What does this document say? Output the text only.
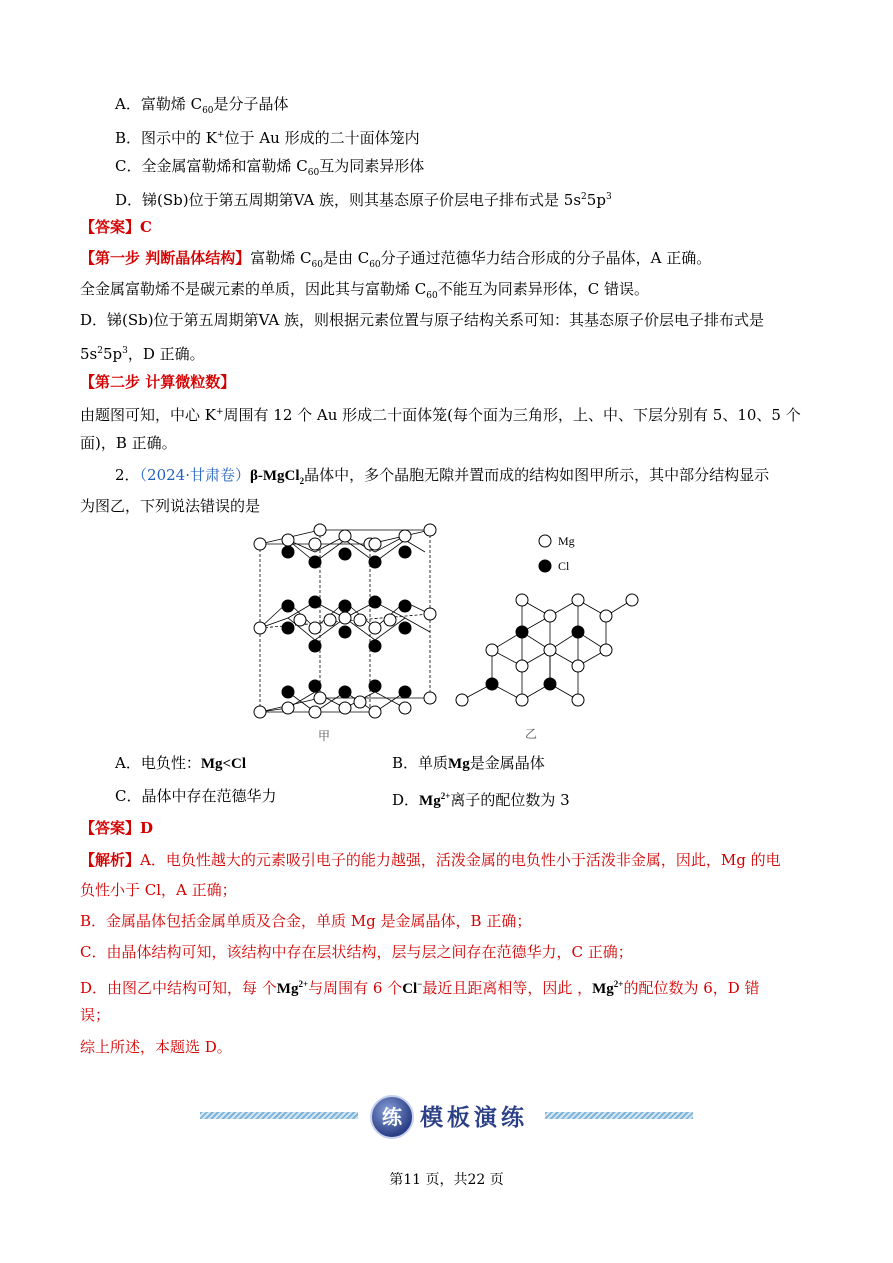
A．富勒烯 $C_{60}$是分子晶体
B．图示中的 K+位于 Au 形成的二十面体笼内
C．全金属富勒烯和富勒烯 $C_{60}$互为同素异形体
D．锑(Sb)位于第五周期第VA 族，则其基态原子价层电子排布式是 $5s^25p^3$
【答案】C
【第一步 判断晶体结构】富勒烯 $C_{60}$是由 $C_{60}$分子通过范德华力结合形成的分子晶体，A 正确。
全金属富勒烯不是碳元素的单质，因此其与富勒烯 $C_{60}$不能互为同素异形体，C 错误。
D．锑(Sb)位于第五周期第VA 族，则根据元素位置与原子结构关系可知：其基态原子价层电子排布式是
$5s^25p^3$，D 正确。
【第二步 计算微粒数】
由题图可知，中心 K+周围有 12 个 Au 形成二十面体笼(每个面为三角形，上、中、下层分别有 5、10、5 个
面)，B 正确。
2．（2024·甘肃卷）β-MgCl$_2$晶体中，多个晶胞无隙并置而成的结构如图甲所示，其中部分结构显示
为图乙，下列说法错误的是
甲
Mg
Cl
乙
A．电负性：Mg<Cl	B．单质Mg是金属晶体
C．晶体中存在范德华力	D．$Mg^{2+}$离子的配位数为 3
【答案】D
【解析】A．电负性越大的元素吸引电子的能力越强，活泼金属的电负性小于活泼非金属，因此，Mg 的电
负性小于 Cl，A 正确；
B．金属晶体包括金属单质及合金，单质 Mg 是金属晶体，B 正确；
C．由晶体结构可知，该结构中存在层状结构，层与层之间存在范德华力，C 正确；
D．由图乙中结构可知，每 个$Mg^{2+}$与周围有 6 个Cl−最近且距离相等，因此 ，$Mg^{2+}$的配位数为 6，D 错
误；
综上所述，本题选 D。
练 模板演练
第11 页，共22 页
